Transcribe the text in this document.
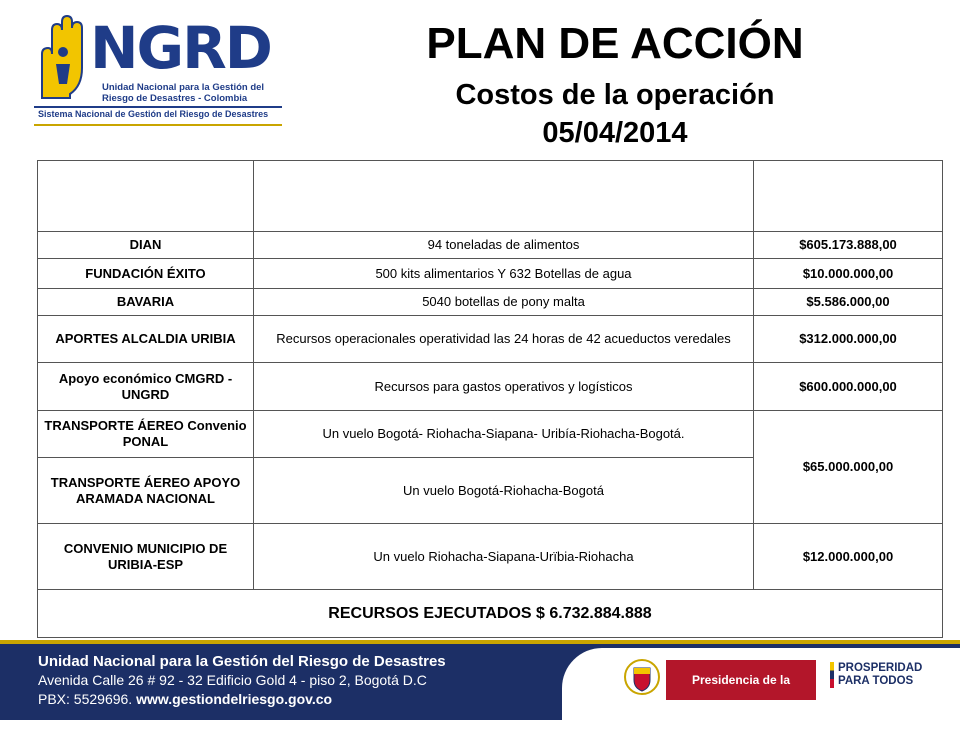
NGRD
Unidad Nacional para la Gestión del
Riesgo de Desastres - Colombia
Sistema Nacional de Gestión del Riesgo de Desastres
PLAN DE ACCIÓN
Costos de la operación
05/04/2014

DIAN	94 toneladas de alimentos	$605.173.888,00
FUNDACIÓN ÉXITO	500 kits alimentarios Y 632 Botellas de agua	$10.000.000,00
BAVARIA	5040 botellas de pony malta	$5.586.000,00
APORTES ALCALDIA URIBIA	Recursos operacionales operatividad las 24 horas de 42 acueductos veredales	$312.000.000,00
Apoyo económico CMGRD - UNGRD	Recursos para gastos operativos y logísticos	$600.000.000,00
TRANSPORTE ÁEREO Convenio PONAL	Un vuelo Bogotá- Riohacha-Siapana- Uribía-Riohacha-Bogotá.	$65.000.000,00
TRANSPORTE ÁEREO APOYO ARAMADA NACIONAL	Un vuelo Bogotá-Riohacha-Bogotá	
CONVENIO MUNICIPIO DE URIBIA-ESP	Un vuelo Riohacha-Siapana-Urïbia-Riohacha	$12.000.000,00
RECURSOS EJECUTADOS $ 6.732.884.888		
Unidad Nacional para la Gestión del Riesgo de Desastres
Avenida Calle 26 # 92 - 32 Edificio Gold 4 - piso 2, Bogotá D.C
PBX: 5529696. www.gestiondelriesgo.gov.co
Presidencia de la República
PROSPERIDAD
PARA TODOS
